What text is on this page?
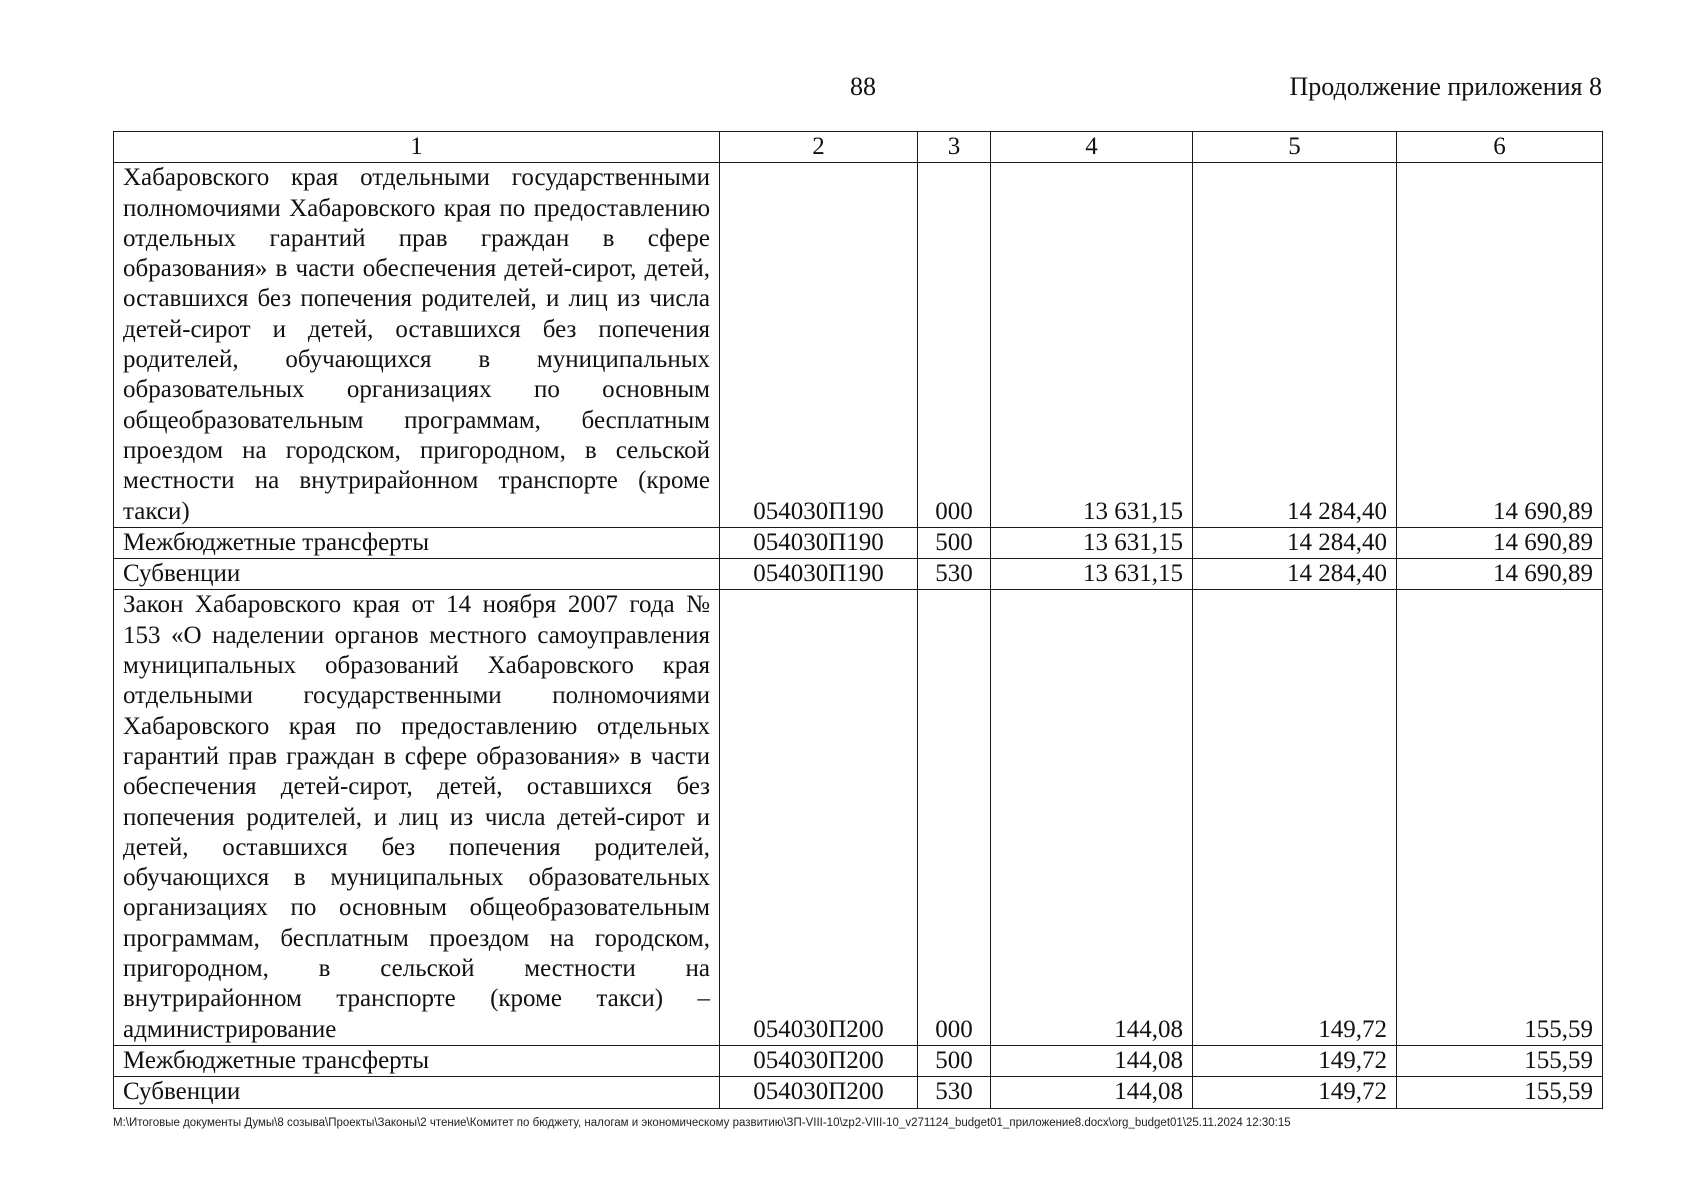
88	Продолжение приложения 8
1	2	3	4	5	6
Хабаровского края отдельными государственными полномочиями Хабаровского края по предоставлению отдельных гарантий прав граждан в сфере образования» в части обеспечения детей-сирот, детей, оставшихся без попечения родителей, и лиц из числа детей-сирот и детей, оставшихся без попечения родителей, обучающихся в муниципальных образовательных организациях по основным общеобразовательным программам, бесплатным проездом на городском, пригородном, в сельской местности на внутрирайонном транспорте (кроме такси)	054030П190	000	13 631,15	14 284,40	14 690,89
Межбюджетные трансферты	054030П190	500	13 631,15	14 284,40	14 690,89
Субвенции	054030П190	530	13 631,15	14 284,40	14 690,89
Закон Хабаровского края от 14 ноября 2007 года № 153 «О наделении органов местного самоуправления муниципальных образований Хабаровского края отдельными государственными полномочиями Хабаровского края по предоставлению отдельных гарантий прав граждан в сфере образования» в части обеспечения детей-сирот, детей, оставшихся без попечения родителей, и лиц из числа детей-сирот и детей, оставшихся без попечения родителей, обучающихся в муниципальных образовательных организациях по основным общеобразовательным программам, бесплатным проездом на городском, пригородном, в сельской местности на внутрирайонном транспорте (кроме такси) – администрирование	054030П200	000	144,08	149,72	155,59
Межбюджетные трансферты	054030П200	500	144,08	149,72	155,59
Субвенции	054030П200	530	144,08	149,72	155,59
М:\Итоговые документы Думы\8 созыва\Проекты\Законы\2 чтение\Комитет по бюджету, налогам и экономическому развитию\ЗП-VIII-10\zp2-VIII-10_v271124_budget01_приложение8.docx\org_budget01\25.11.2024 12:30:15
